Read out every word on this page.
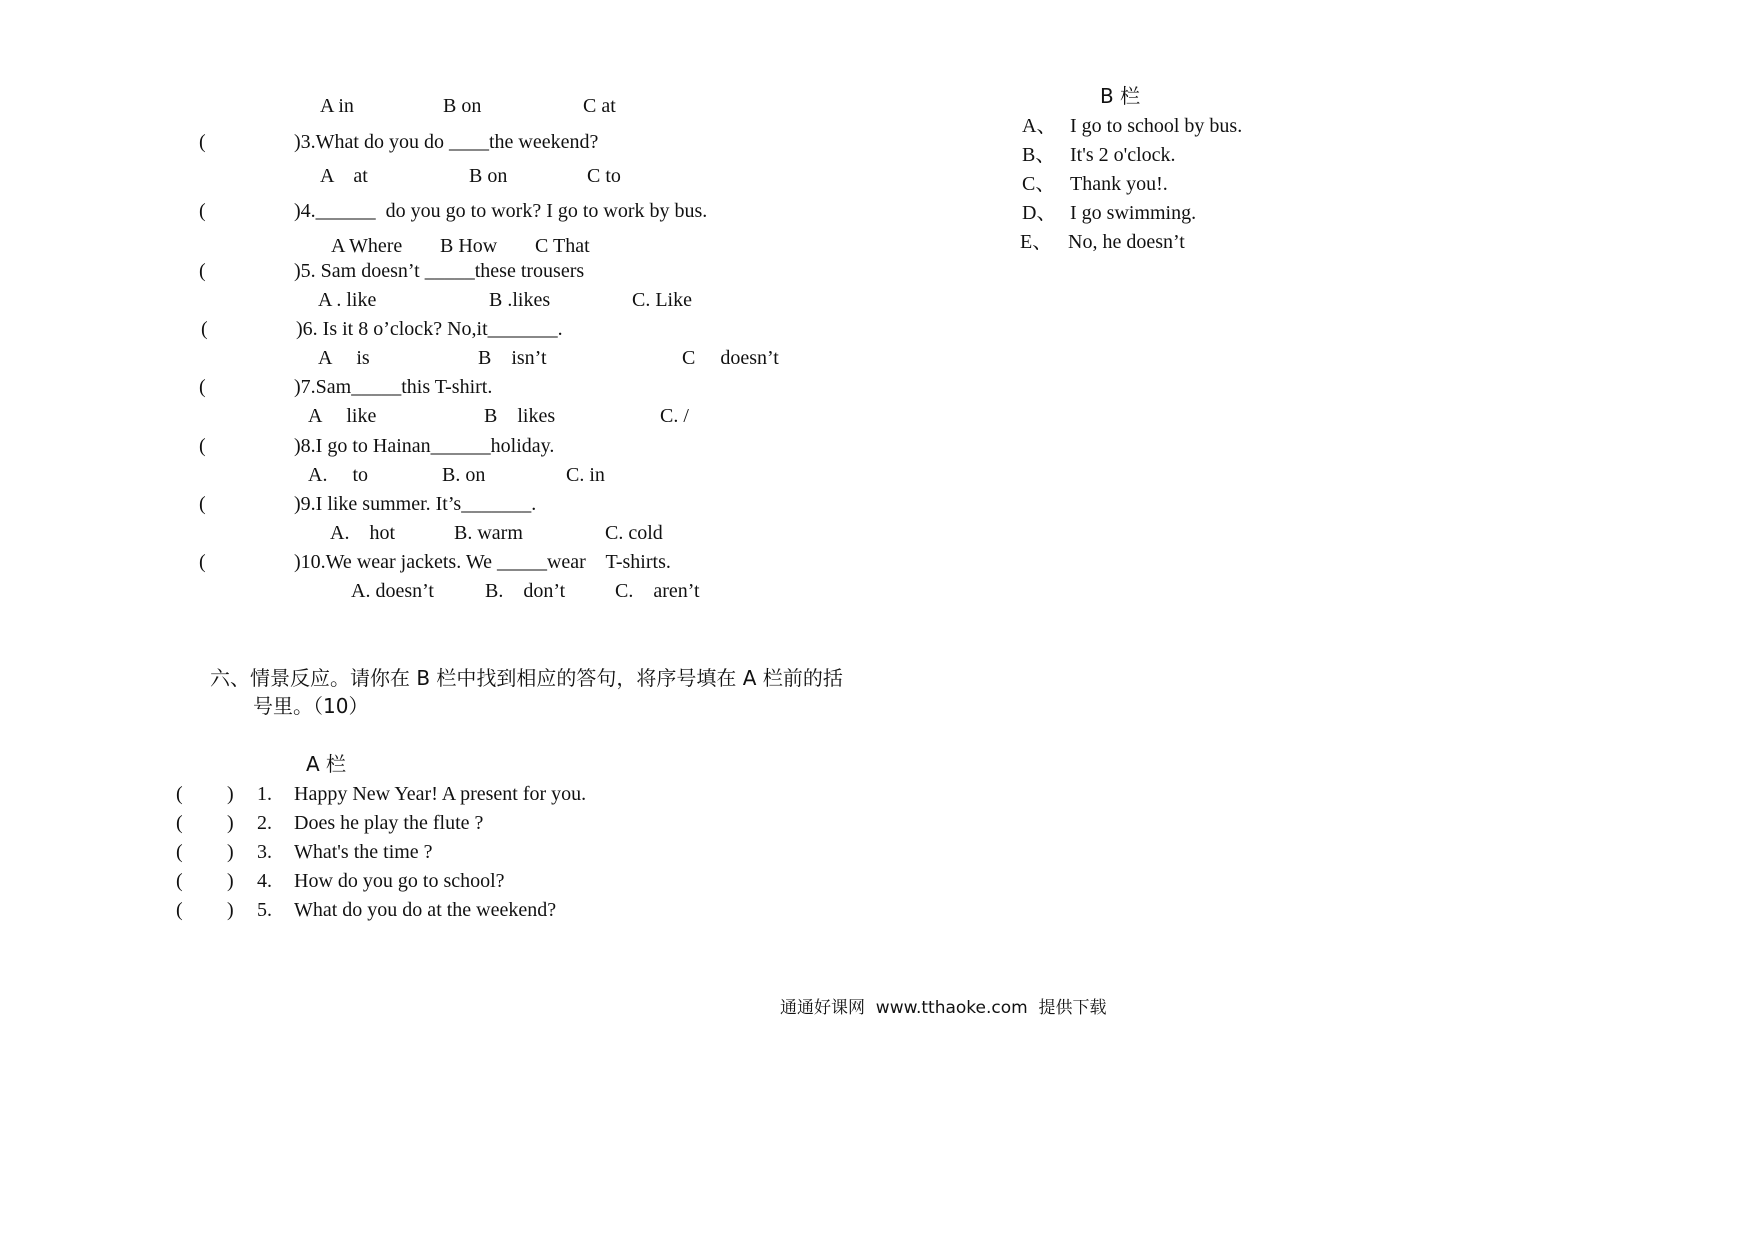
A in	B on	C at
(	)3.What do you do ____the weekend?
A    at	B on	C to
(	)4.______  do you go to work? I go to work by bus.
A Where B How C That
(	)5. Sam doesn’t _____these trousers
A . like	B .likes	C. Like
(	)6. Is it 8 o’clock? No,it_______.
A     is	B    isn’t	C     doesn’t
(	)7.Sam_____this T-shirt.
A     like	B    likes	C. /
(	)8.I go to Hainan______holiday.
A.     to	B. on	C. in
(	)9.I like summer. It’s_______.
A.    hot	B. warm	C. cold
(	)10.We wear jackets. We _____wear    T-shirts.
A. doesn’t	B.    don’t C.    aren’t
六、情景反应。请你在 B 栏中找到相应的答句，将序号填在 A 栏前的括
号里。（10）
A 栏
( ) 1. Happy New Year! A present for you.
( ) 2. Does he play the flute ?
( ) 3. What's the time ?
( ) 4. How do you go to school?
( ) 5. What do you do at the weekend?
B 栏
A、 I go to school by bus.
B、 It's 2 o'clock.
C、 Thank you!.
D、 I go swimming.
E、 No, he doesn’t
通通好课网  www.tthaoke.com  提供下载
